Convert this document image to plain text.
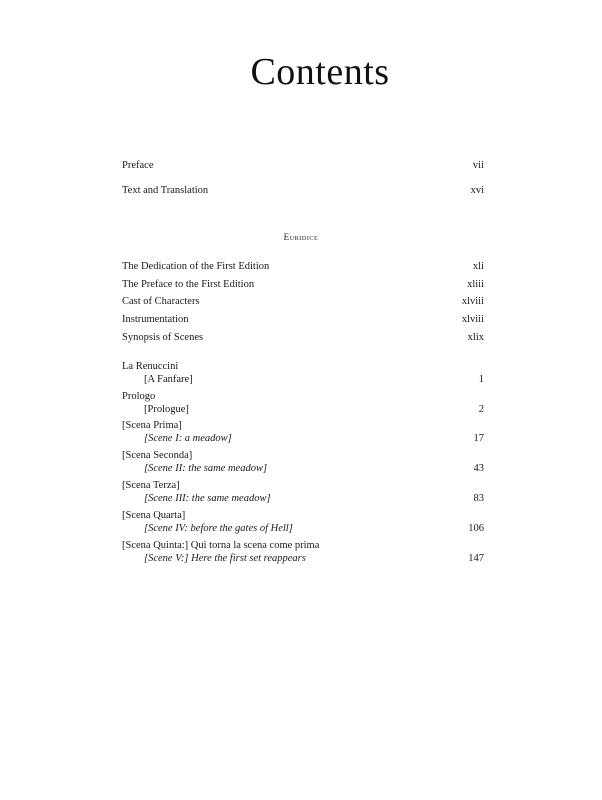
Contents
Preface	vii
Text and Translation	xvi
Euridice
The Dedication of the First Edition	xli
The Preface to the First Edition	xliii
Cast of Characters	xlviii
Instrumentation	xlviii
Synopsis of Scenes	xlix
La Renuccini
[A Fanfare]	1
Prologo
[Prologue]	2
[Scena Prima]
[Scene I: a meadow]	17
[Scena Seconda]
[Scene II: the same meadow]	43
[Scena Terza]
[Scene III: the same meadow]	83
[Scena Quarta]
[Scene IV: before the gates of Hell]	106
[Scena Quinta:] Qui torna la scena come prima
[Scene V:] Here the first set reappears	147
